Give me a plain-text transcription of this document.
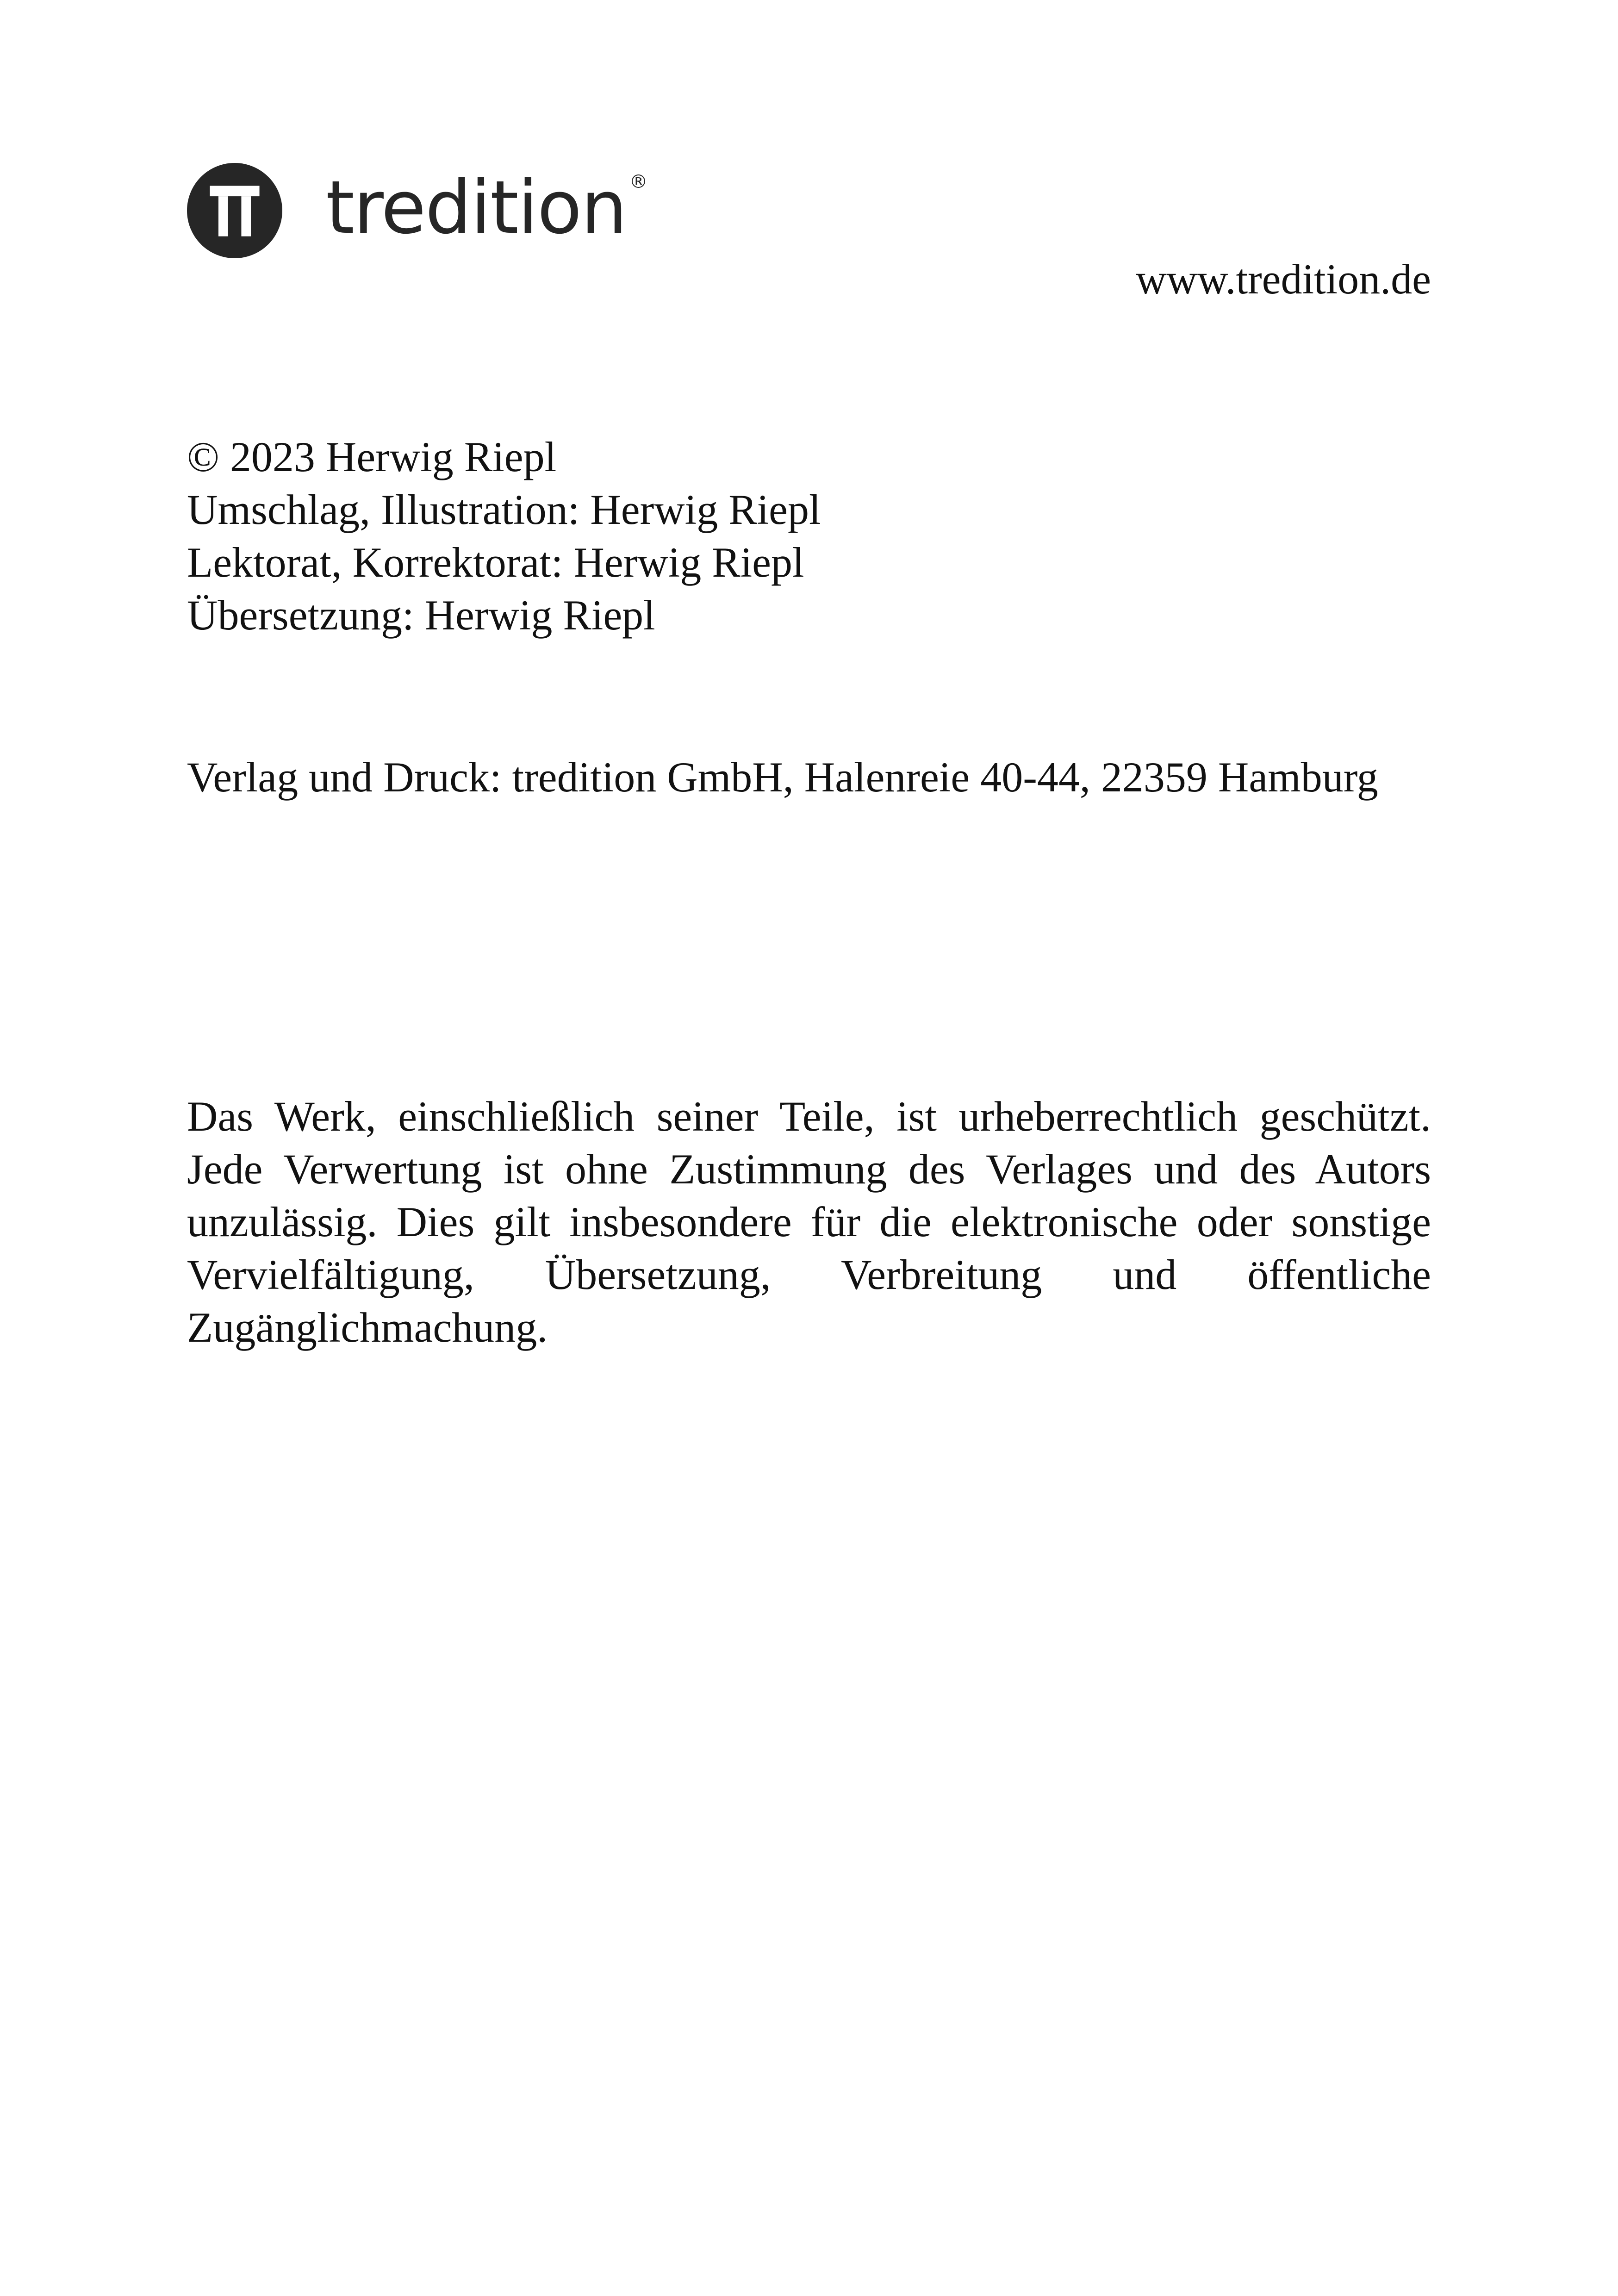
tredition ®
www.tredition.de

© 2023 Herwig Riepl

Umschlag, Illustration: Herwig Riepl

Lektorat, Korrektorat: Herwig Riepl

Übersetzung: Herwig Riepl

Verlag und Druck: tredition GmbH, Halenreie 40-44, 22359 Hamburg
Das Werk, einschließlich seiner Teile, ist urheberrechtlich geschützt. Jede Verwertung ist ohne Zustimmung des Verlages und des Autors unzulässig. Dies gilt insbesondere für die elektronische oder sonstige Vervielfältigung, Übersetzung, Verbreitung und öffentliche Zugänglichmachung.
